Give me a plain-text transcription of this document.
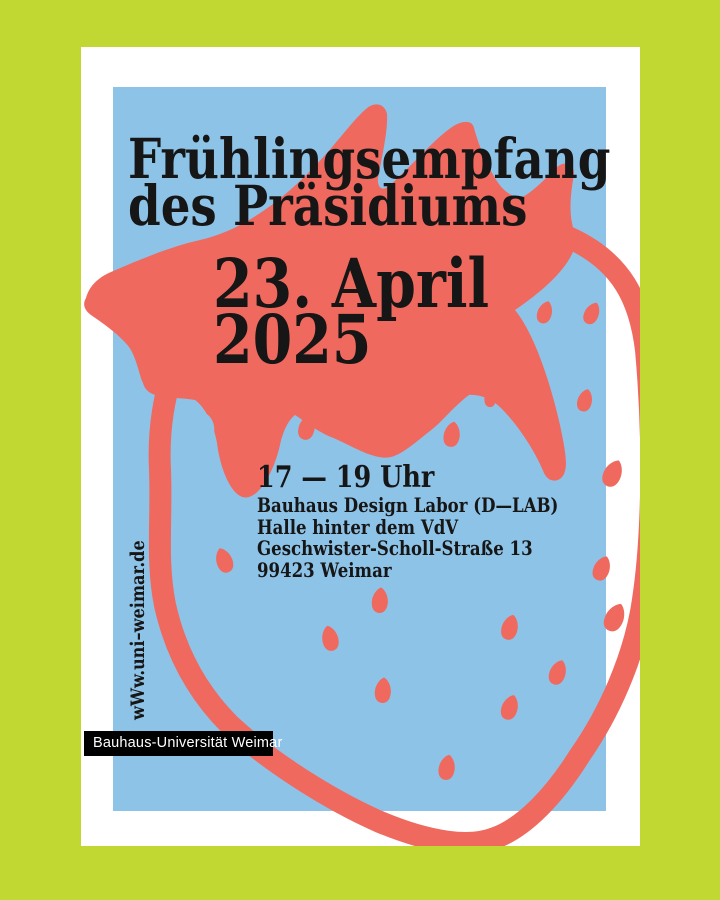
Frühlingsempfang
des Präsidiums
23. April
2025
17 — 19 Uhr
Bauhaus Design Labor (D—LAB)
Halle hinter dem VdV
Geschwister-Scholl-Straße 13
99423 Weimar
wWw.uni–weimar.de
Bauhaus-Universität Weimar
